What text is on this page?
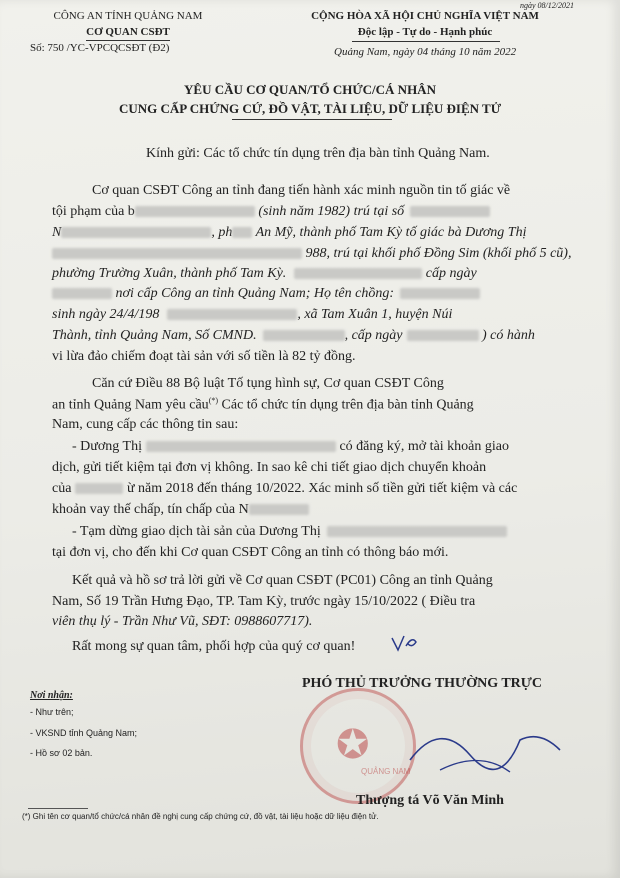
ngày 08/12/2021
CÔNG AN TỈNH QUẢNG NAM
CƠ QUAN CSĐT
Số: 750 /YC-VPCQCSĐT (Đ2)
CỘNG HÒA XÃ HỘI CHỦ NGHĨA VIỆT NAM
Độc lập - Tự do - Hạnh phúc
Quảng Nam, ngày 04 tháng 10 năm 2022
YÊU CẦU CƠ QUAN/TỔ CHỨC/CÁ NHÂN
CUNG CẤP CHỨNG CỨ, ĐỒ VẬT, TÀI LIỆU, DỮ LIỆU ĐIỆN TỬ
Kính gửi: Các tổ chức tín dụng trên địa bàn tỉnh Quảng Nam.
Cơ quan CSĐT Công an tỉnh đang tiến hành xác minh nguồn tin tố giác về
tội phạm của b	(sinh năm 1982) trú tại số
N	, ph An Mỹ, thành phố Tam Kỳ tố giác bà Dương Thị
988, trú tại khối phố Đồng Sim (khối phố 5 cũ),
phường Trường Xuân, thành phố Tam Kỳ.	cấp ngày
nơi cấp Công an tỉnh Quảng Nam; Họ tên chồng:
sinh ngày 24/4/198	, xã Tam Xuân 1, huyện Núi
Thành, tỉnh Quảng Nam, Số CMND.	, cấp ngày	) có hành
vi lừa đảo chiếm đoạt tài sản với số tiền là 82 tỷ đồng.
Căn cứ Điều 88 Bộ luật Tố tụng hình sự, Cơ quan CSĐT Công
an tỉnh Quảng Nam yêu cầu(*) Các tổ chức tín dụng trên địa bàn tỉnh Quảng
Nam, cung cấp các thông tin sau:
- Dương Thị	có đăng ký, mở tài khoản giao
dịch, gửi tiết kiệm tại đơn vị không. In sao kê chi tiết giao dịch chuyển khoản
của	ừ năm 2018 đến tháng 10/2022. Xác minh số tiền gửi tiết kiệm và các
khoản vay thế chấp, tín chấp của N
- Tạm dừng giao dịch tài sản của Dương Thị
tại đơn vị, cho đến khi Cơ quan CSĐT Công an tỉnh có thông báo mới.
Kết quả và hồ sơ trả lời gửi về Cơ quan CSĐT (PC01) Công an tỉnh Quảng
Nam, Số 19 Trần Hưng Đạo, TP. Tam Kỳ, trước ngày 15/10/2022 ( Điều tra
viên thụ lý - Trần Như Vũ, SĐT: 0988607717).
Rất mong sự quan tâm, phối hợp của quý cơ quan!
Nơi nhận:
- Như trên;
- VKSND tỉnh Quảng Nam;
- Hồ sơ 02 bản.
PHÓ THỦ TRƯỞNG THƯỜNG TRỰC
✪
QUẢNG NAM
Thượng tá Võ Văn Minh
(*) Ghi tên cơ quan/tổ chức/cá nhân đề nghị cung cấp chứng cứ, đồ vật, tài liệu hoặc dữ liệu điện tử.
